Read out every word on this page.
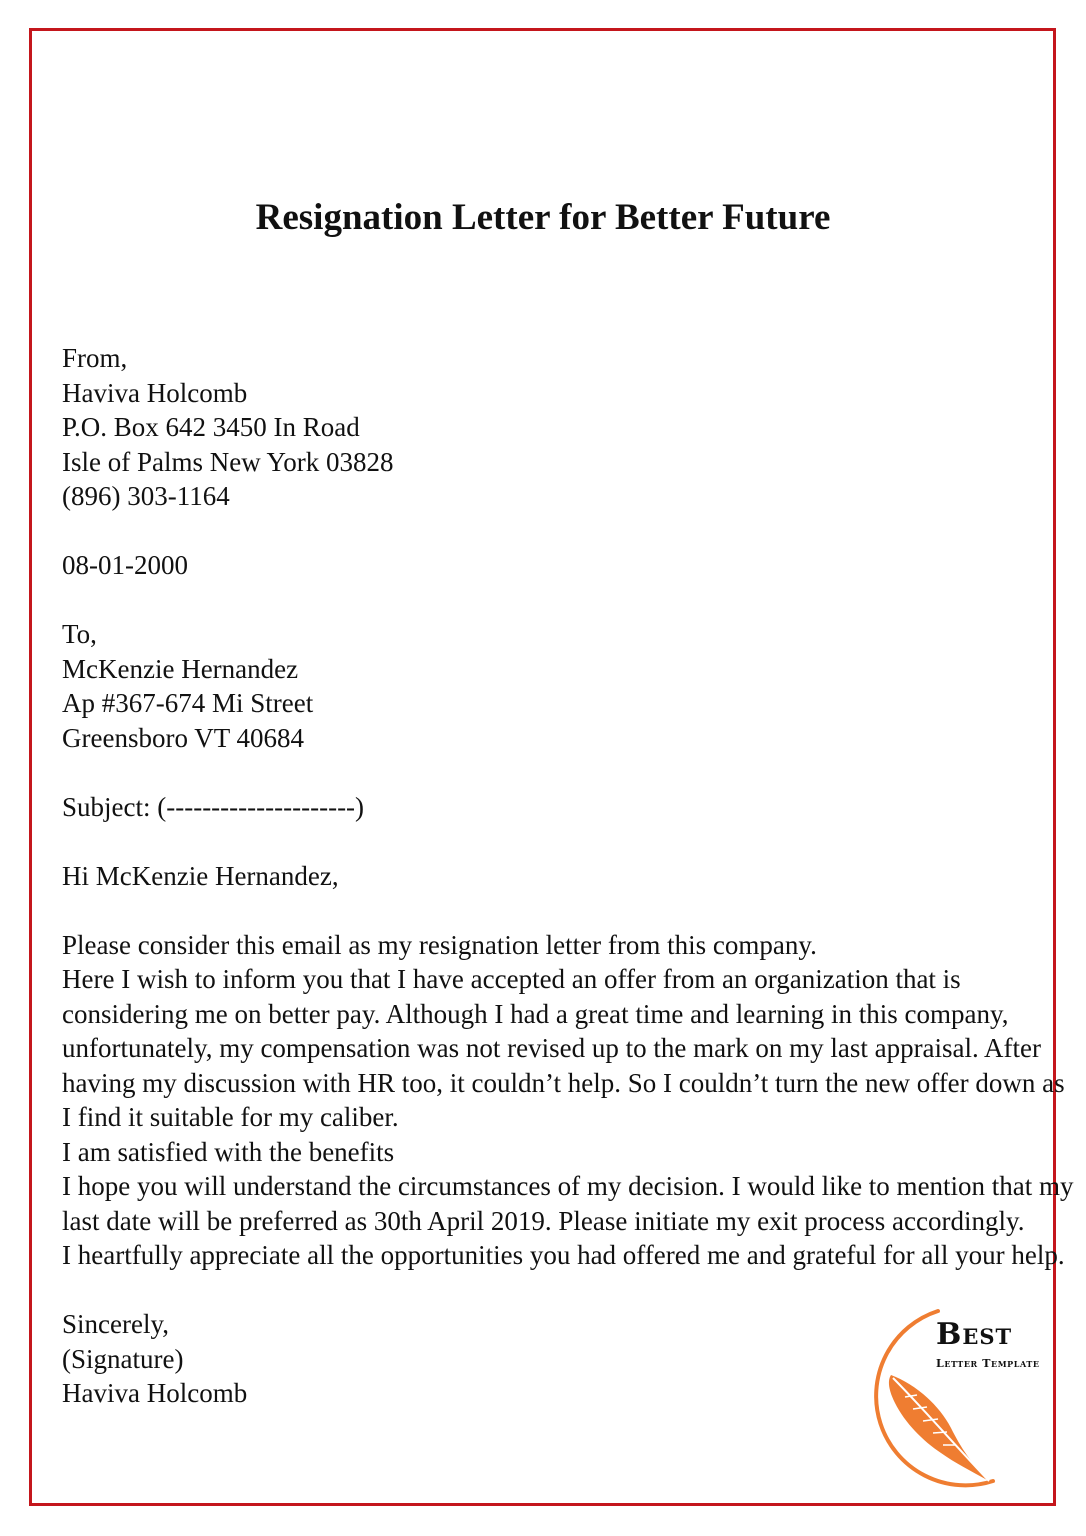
Resignation Letter for Better Future
From,
Haviva Holcomb
P.O. Box 642 3450 In Road
Isle of Palms New York 03828
(896) 303-1164
08-01-2000
To,
McKenzie Hernandez
Ap #367-674 Mi Street
Greensboro VT 40684
Subject: (---------------------)
Hi McKenzie Hernandez,
Please consider this email as my resignation letter from this company.
Here I wish to inform you that I have accepted an offer from an organization that is
considering me on better pay. Although I had a great time and learning in this company,
unfortunately, my compensation was not revised up to the mark on my last appraisal. After
having my discussion with HR too, it couldn’t help. So I couldn’t turn the new offer down as
I find it suitable for my caliber.
I am satisfied with the benefits
I hope you will understand the circumstances of my decision. I would like to mention that my
last date will be preferred as 30th April 2019. Please initiate my exit process accordingly.
I heartfully appreciate all the opportunities you had offered me and grateful for all your help.
Sincerely,
(Signature)
Haviva Holcomb
Best
Letter Template
